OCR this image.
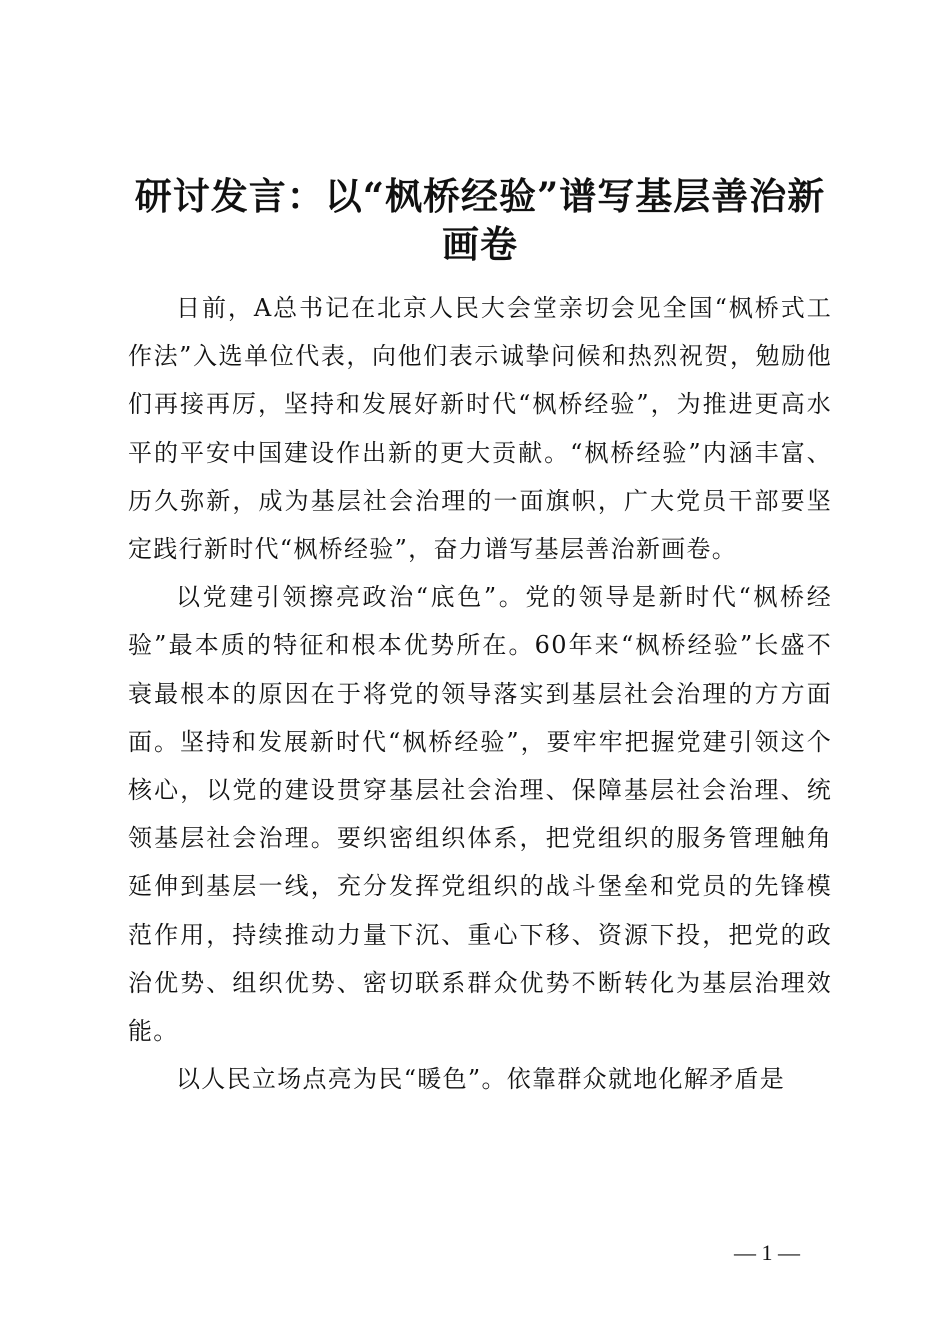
研讨发言：以“枫桥经验”谱写基层善治新画卷

日前，A总书记在北京人民大会堂亲切会见全国“枫桥式工作法”入选单位代表，向他们表示诚挚问候和热烈祝贺，勉励他们再接再厉，坚持和发展好新时代“枫桥经验”，为推进更高水平的平安中国建设作出新的更大贡献。“枫桥经验”内涵丰富、历久弥新，成为基层社会治理的一面旗帜，广大党员干部要坚定践行新时代“枫桥经验”，奋力谱写基层善治新画卷。

以党建引领擦亮政治“底色”。党的领导是新时代“枫桥经验”最本质的特征和根本优势所在。60年来“枫桥经验”长盛不衰最根本的原因在于将党的领导落实到基层社会治理的方方面面。坚持和发展新时代“枫桥经验”，要牢牢把握党建引领这个核心，以党的建设贯穿基层社会治理、保障基层社会治理、统领基层社会治理。要织密组织体系，把党组织的服务管理触角延伸到基层一线，充分发挥党组织的战斗堡垒和党员的先锋模范作用，持续推动力量下沉、重心下移、资源下投，把党的政治优势、组织优势、密切联系群众优势不断转化为基层治理效能。

以人民立场点亮为民“暖色”。依靠群众就地化解矛盾是

— 1 —
